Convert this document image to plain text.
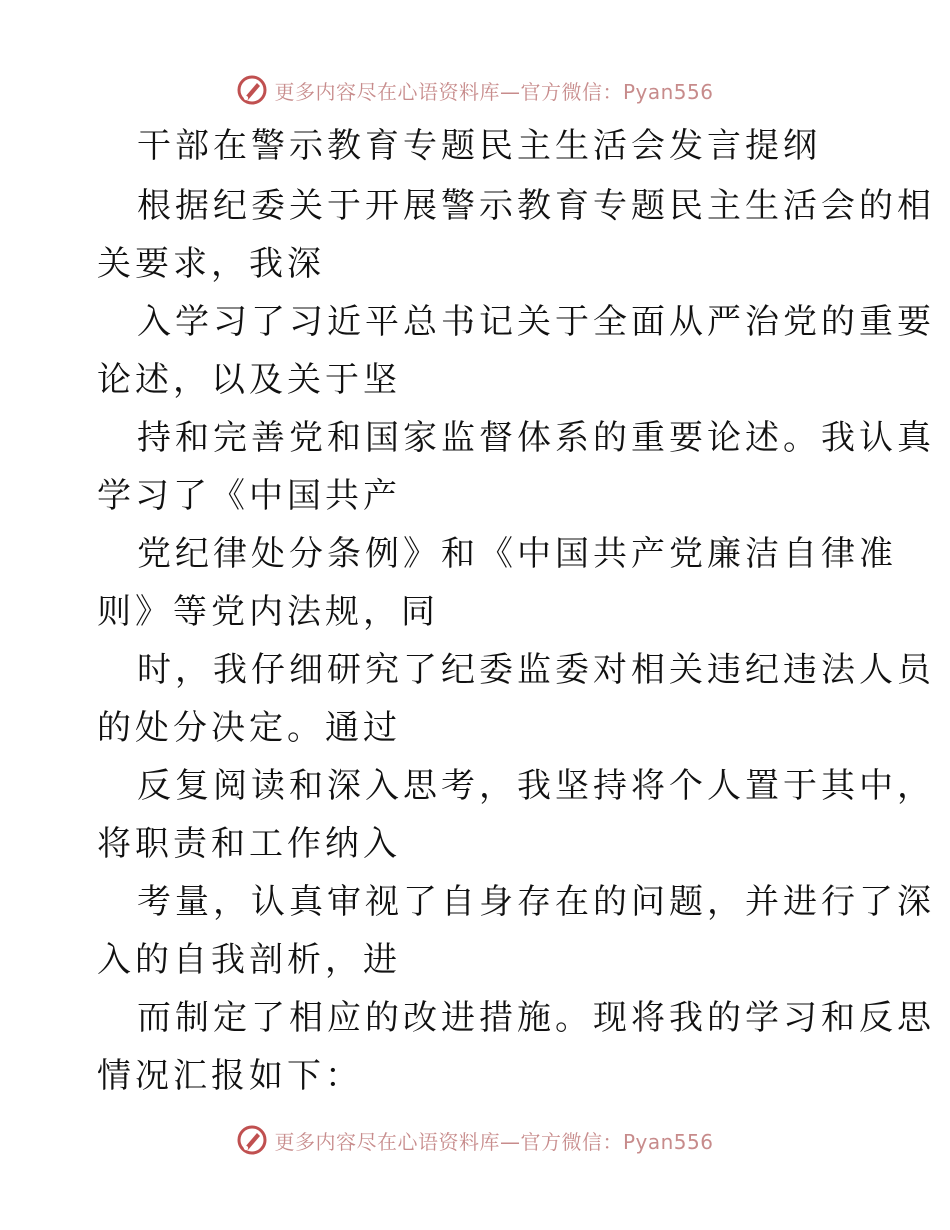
更多内容尽在心语资料库—官方微信：Pyan556
干部在警示教育专题民主生活会发言提纲
根据纪委关于开展警示教育专题民主生活会的相
关要求，我深
入学习了习近平总书记关于全面从严治党的重要
论述，以及关于坚
持和完善党和国家监督体系的重要论述。我认真
学习了《中国共产
党纪律处分条例》和《中国共产党廉洁自律准
则》等党内法规，同
时，我仔细研究了纪委监委对相关违纪违法人员
的处分决定。通过
反复阅读和深入思考，我坚持将个人置于其中，
将职责和工作纳入
考量，认真审视了自身存在的问题，并进行了深
入的自我剖析，进
而制定了相应的改进措施。现将我的学习和反思
情况汇报如下：
更多内容尽在心语资料库—官方微信：Pyan556
